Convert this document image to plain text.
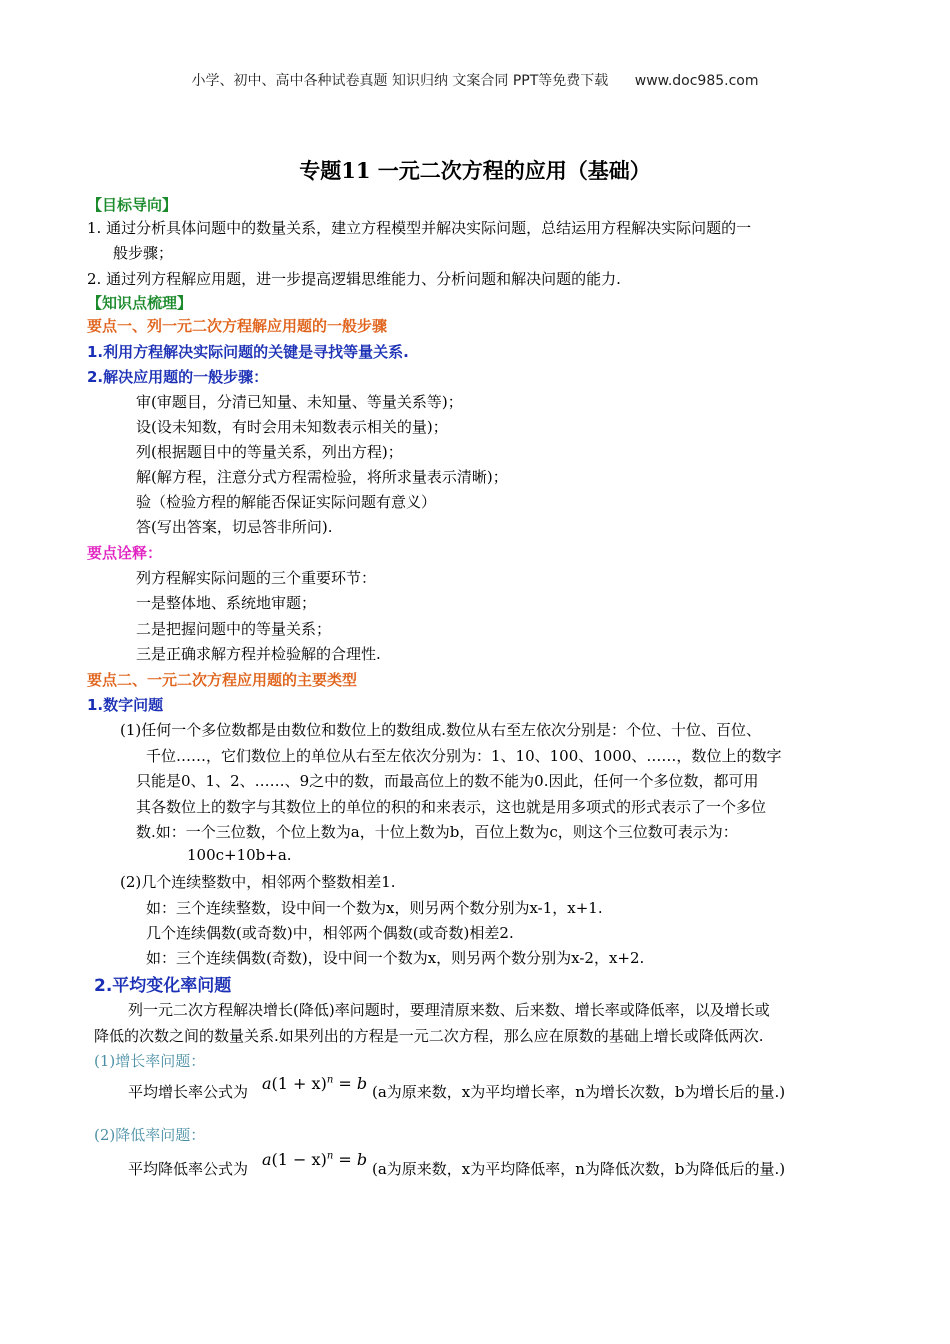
小学、初中、高中各种试卷真题 知识归纳 文案合同 PPT等免费下载 www.doc985.com
专题11 一元二次方程的应用（基础）
【目标导向】
1. 通过分析具体问题中的数量关系，建立方程模型并解决实际问题，总结运用方程解决实际问题的一
般步骤；
2. 通过列方程解应用题，进一步提高逻辑思维能力、分析问题和解决问题的能力.
【知识点梳理】
要点一、列一元二次方程解应用题的一般步骤
1.利用方程解决实际问题的关键是寻找等量关系.
2.解决应用题的一般步骤：
审(审题目，分清已知量、未知量、等量关系等)；
设(设未知数，有时会用未知数表示相关的量)；
列(根据题目中的等量关系，列出方程)；
解(解方程，注意分式方程需检验，将所求量表示清晰)；
验（检验方程的解能否保证实际问题有意义）
答(写出答案，切忌答非所问).
要点诠释：
列方程解实际问题的三个重要环节：
一是整体地、系统地审题；
二是把握问题中的等量关系；
三是正确求解方程并检验解的合理性.
要点二、一元二次方程应用题的主要类型
1.数字问题
(1)任何一个多位数都是由数位和数位上的数组成.数位从右至左依次分别是：个位、十位、百位、
千位……，它们数位上的单位从右至左依次分别为：1、10、100、1000、……，数位上的数字
只能是0、1、2、……、9之中的数，而最高位上的数不能为0.因此，任何一个多位数，都可用
其各数位上的数字与其数位上的单位的积的和来表示，这也就是用多项式的形式表示了一个多位
数.如：一个三位数，个位上数为a，十位上数为b，百位上数为c，则这个三位数可表示为：
100c+10b+a.
(2)几个连续整数中，相邻两个整数相差1.
如：三个连续整数，设中间一个数为x，则另两个数分别为x-1，x+1.
几个连续偶数(或奇数)中，相邻两个偶数(或奇数)相差2.
如：三个连续偶数(奇数)，设中间一个数为x，则另两个数分别为x-2，x+2.
2.平均变化率问题
列一元二次方程解决增长(降低)率问题时，要理清原来数、后来数、增长率或降低率，以及增长或
降低的次数之间的数量关系.如果列出的方程是一元二次方程，那么应在原数的基础上增长或降低两次.
(1)增长率问题：
平均增长率公式为 $a(1 + x)^n = b$ (a为原来数，x为平均增长率，n为增长次数，b为增长后的量.)
(2)降低率问题：
平均降低率公式为 $a(1 - x)^n = b$ (a为原来数，x为平均降低率，n为降低次数，b为降低后的量.)
